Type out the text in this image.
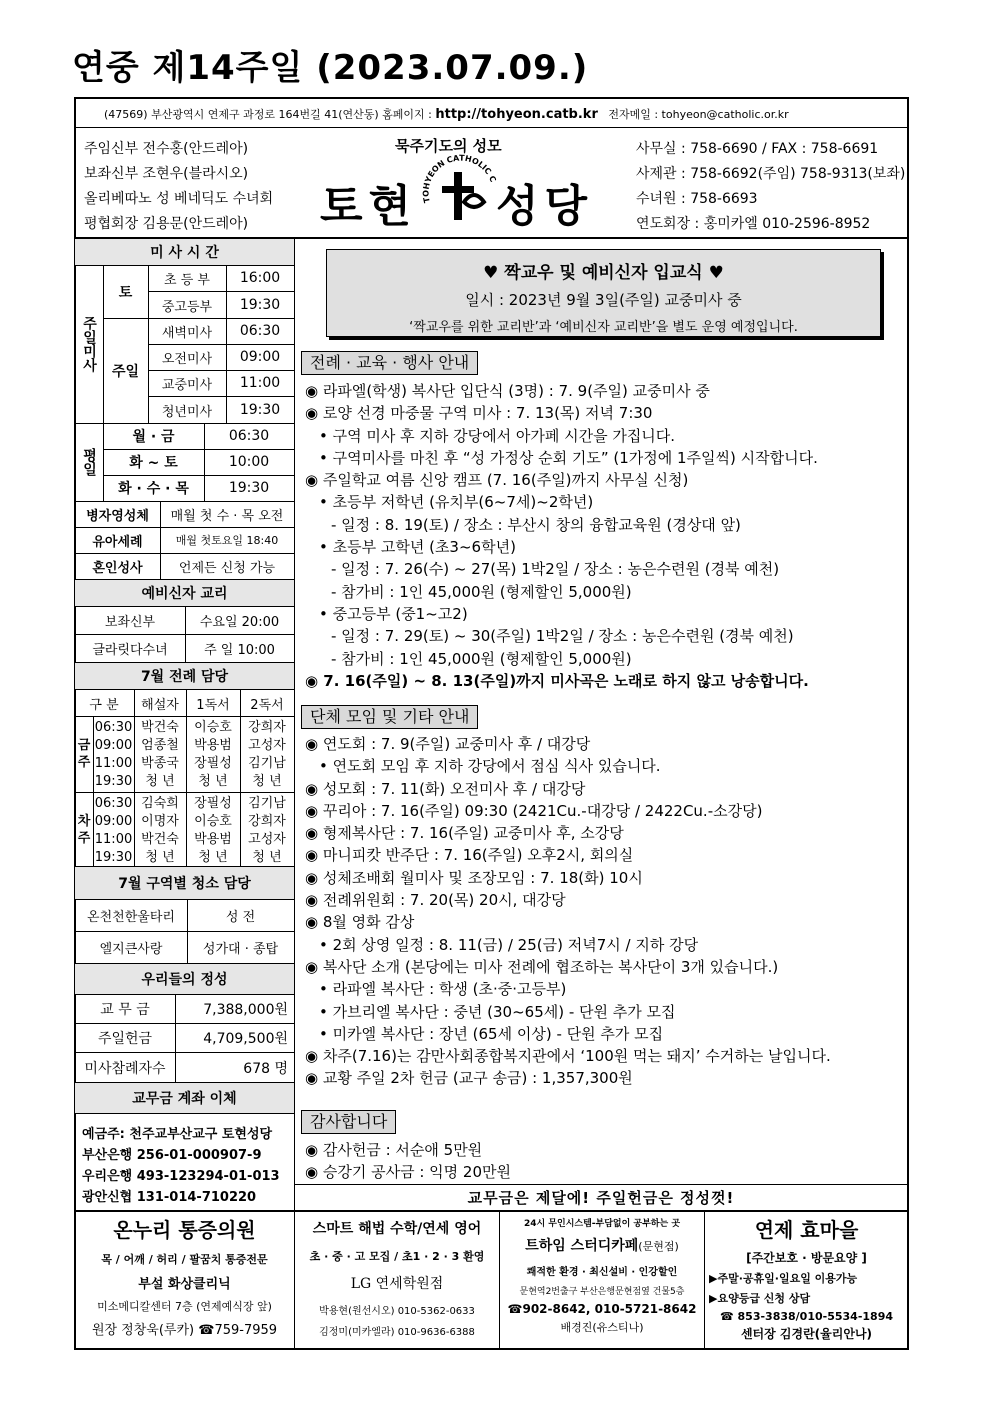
연중 제14주일 (2023.07.09.)
(47569) 부산광역시 연제구 과정로 164번길 41(연산동) 홈페이지 : http://tohyeon.catb.kr 전자메일 : tohyeon@catholic.or.kr
주임신부 전수홍(안드레아)
보좌신부 조현우(블라시오)
올리베따노 성 베네딕도 수녀회
평협회장 김용문(안드레아)
묵주기도의 성모
토현 성당
TOHYEON CATHOLIC C
사무실 : 758-6690 / FAX : 758-6691
사제관 : 758-6692(주임) 758-9313(보좌)
수녀원 : 758-6693
연도회장 : 홍미카엘 010-2596-8952
미 사 시 간
주일미사
토
주일
초 등 부	16:00
중고등부	19:30
새벽미사	06:30
오전미사	09:00
교중미사	11:00
청년미사	19:30
평일
월 · 금	06:30
화 ~ 토	10:00
화 · 수 · 목	19:30
병자영성체	매월 첫 수 · 목 오전
유아세례	매월 첫토요일 18:40
혼인성사	언제든 신청 가능
예비신자 교리
보좌신부	수요일 20:00
글라릿다수녀	주 일 10:00
7월 전례 담당
구 분	해설자	1독서	2독서
금주
06:30 박건숙	이승호	강희자
09:00 엄종철	박용범	고성자
11:00 박종국	장필성	김기남
19:30	청 년	청 년	청 년
차주
06:30 김숙희	장필성	김기남
09:00 이명자	이승호	강희자
11:00 박건숙	박용범	고성자
19:30	청 년	청 년	청 년
7월 구역별 청소 담당
온천천한울타리	성 전
엘지큰사랑	성가대 · 종탑
우리들의 정성
교 무 금	7,388,000원
주일헌금	4,709,500원
미사참례자수	678 명
교무금 계좌 이체
예금주: 천주교부산교구 토현성당
부산은행 256-01-000907-9
우리은행 493-123294-01-013
광안신협 131-014-710220
♥ 짝교우 및 예비신자 입교식 ♥
일시 : 2023년 9월 3일(주일) 교중미사 중
‘짝교우를 위한 교리반’과 ‘예비신자 교리반’을 별도 운영 예정입니다.
전례 · 교육 · 행사 안내
◉ 라파엘(학생) 복사단 입단식 (3명) : 7. 9(주일) 교중미사 중
◉ 로양 선경 마중물 구역 미사 : 7. 13(목) 저녁 7:30
• 구역 미사 후 지하 강당에서 아가페 시간을 가집니다.
• 구역미사를 마친 후 “성 가정상 순회 기도” (1가정에 1주일씩) 시작합니다.
◉ 주일학교 여름 신앙 캠프 (7. 16(주일)까지 사무실 신청)
• 초등부 저학년 (유치부(6~7세)~2학년)
- 일정 : 8. 19(토) / 장소 : 부산시 창의 융합교육원 (경상대 앞)
• 초등부 고학년 (초3~6학년)
- 일정 : 7. 26(수) ~ 27(목) 1박2일 / 장소 : 농은수련원 (경북 예천)
- 참가비 : 1인 45,000원 (형제할인 5,000원)
• 중고등부 (중1~고2)
- 일정 : 7. 29(토) ~ 30(주일) 1박2일 / 장소 : 농은수련원 (경북 예천)
- 참가비 : 1인 45,000원 (형제할인 5,000원)
◉ 7. 16(주일) ~ 8. 13(주일)까지 미사곡은 노래로 하지 않고 낭송합니다.
단체 모임 및 기타 안내
◉ 연도회 : 7. 9(주일) 교중미사 후 / 대강당
• 연도회 모임 후 지하 강당에서 점심 식사 있습니다.
◉ 성모회 : 7. 11(화) 오전미사 후 / 대강당
◉ 꾸리아 : 7. 16(주일) 09:30 (2421Cu.-대강당 / 2422Cu.-소강당)
◉ 형제복사단 : 7. 16(주일) 교중미사 후, 소강당
◉ 마니피캇 반주단 : 7. 16(주일) 오후2시, 회의실
◉ 성체조배회 월미사 및 조장모임 : 7. 18(화) 10시
◉ 전례위원회 : 7. 20(목) 20시, 대강당
◉ 8월 영화 감상
• 2회 상영 일정 : 8. 11(금) / 25(금) 저녁7시 / 지하 강당
◉ 복사단 소개 (본당에는 미사 전례에 협조하는 복사단이 3개 있습니다.)
• 라파엘 복사단 : 학생 (초·중·고등부)
• 가브리엘 복사단 : 중년 (30~65세) - 단원 추가 모집
• 미카엘 복사단 : 장년 (65세 이상) - 단원 추가 모집
◉ 차주(7.16)는 감만사회종합복지관에서 ‘100원 먹는 돼지’ 수거하는 날입니다.
◉ 교황 주일 2차 헌금 (교구 송금) : 1,357,300원
감사합니다
◉ 감사헌금 : 서순애 5만원
◉ 승강기 공사금 : 익명 20만원
교무금은 제달에! 주일헌금은 정성껏!
온누리 통증의원
목 / 어깨 / 허리 / 팔꿈치 통증전문
부설 화상클리닉
미소메디칼센터 7층 (연제예식장 앞)
원장 정창욱(루카) ☎759-7959
스마트 해법 수학/연세 영어
초 · 중 · 고 모집 / 초1 · 2 · 3 환영
LG 연세학원점
박용현(원선시오) 010-5362-0633
김정미(미카엘라) 010-9636-6388
24시 무인시스템-부담없이 공부하는 곳
트하임 스터디카페(문현점)
쾌적한 환경 · 최신설비 · 인강할인
문현역2번출구 부산은행문현점옆 건물5층
☎902-8642, 010-5721-8642
배경진(유스티나)
연제 효마을
[주간보호 · 방문요양 ]
▶주말·공휴일·일요일 이용가능
▶요양등급 신청 상담
☎ 853-3838/010-5534-1894
센터장 김경란(율리안나)
